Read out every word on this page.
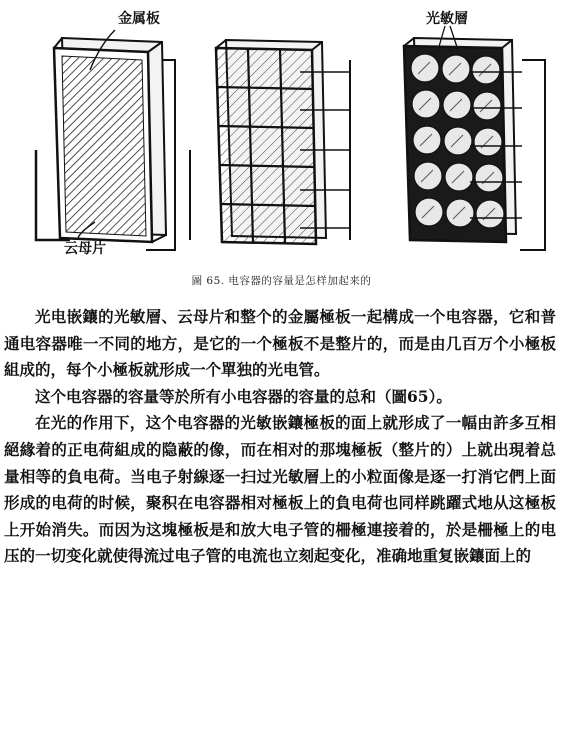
金属板	光敏層
云母片
圖 65. 电容器的容量是怎样加起来的

光电嵌鑲的光敏層、云母片和整个的金屬極板一起構成一个电容器，它和普通电容器唯一不同的地方，是它的一个極板不是整片的，而是由几百万个小極板組成的，每个小極板就形成一个單独的光电管。

这个电容器的容量等於所有小电容器的容量的总和（圖65）。

在光的作用下，这个电容器的光敏嵌鑲極板的面上就形成了一幅由許多互相絕緣着的正电荷組成的隐蔽的像，而在相对的那塊極板（整片的）上就出現着总量相等的負电荷。当电子射線逐一扫过光敏層上的小粒面像是逐一打消它們上面形成的电荷的时候，聚积在电容器相对極板上的負电荷也同样跳躍式地从这極板上开始消失。而因为这塊極板是和放大电子管的柵極連接着的，於是柵極上的电压的一切变化就使得流过电子管的电流也立刻起变化，准确地重复嵌鑲面上的
